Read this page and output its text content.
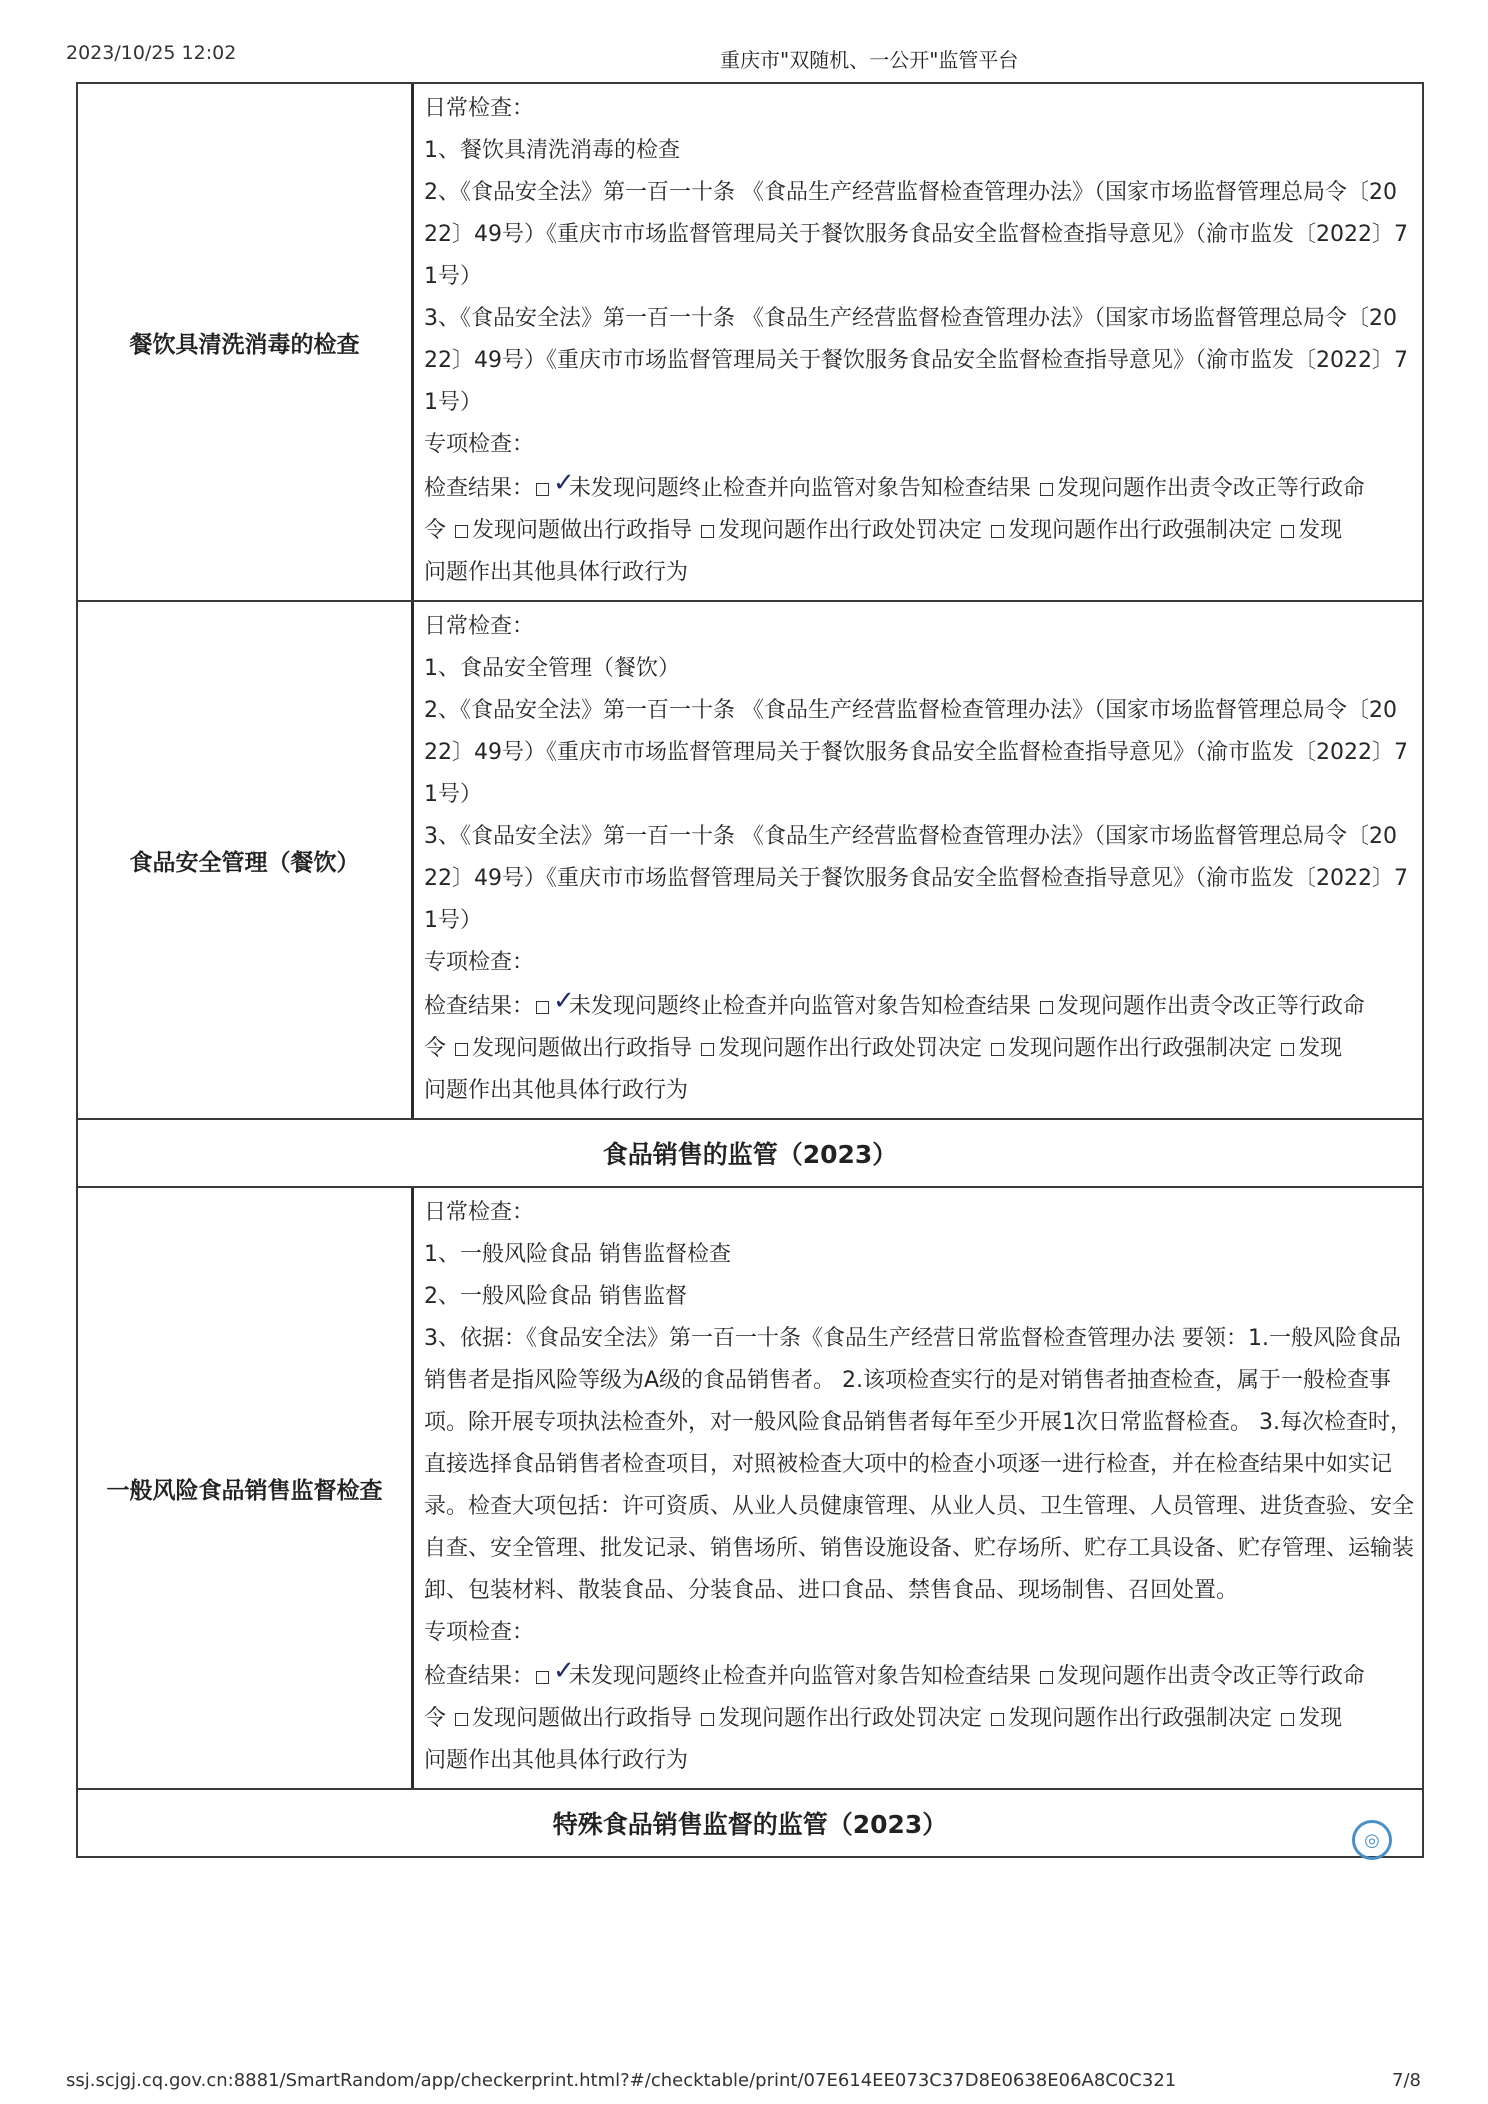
2023/10/25 12:02	重庆市"双随机、一公开"监管平台
餐饮具清洗消毒的检查
日常检查：
1、餐饮具清洗消毒的检查
2、《食品安全法》第一百一十条 《食品生产经营监督检查管理办法》（国家市场监督管理总局令〔20
22〕49号）《重庆市市场监督管理局关于餐饮服务食品安全监督检查指导意见》（渝市监发〔2022〕7
1号）
3、《食品安全法》第一百一十条 《食品生产经营监督检查管理办法》（国家市场监督管理总局令〔20
22〕49号）《重庆市市场监督管理局关于餐饮服务食品安全监督检查指导意见》（渝市监发〔2022〕7
1号）
专项检查：
检查结果： ✓未发现问题终止检查并向监管对象告知检查结果 发现问题作出责令改正等行政命
令 发现问题做出行政指导 发现问题作出行政处罚决定 发现问题作出行政强制决定 发现
问题作出其他具体行政行为
食品安全管理（餐饮）
日常检查：
1、食品安全管理（餐饮）
2、《食品安全法》第一百一十条 《食品生产经营监督检查管理办法》（国家市场监督管理总局令〔20
22〕49号）《重庆市市场监督管理局关于餐饮服务食品安全监督检查指导意见》（渝市监发〔2022〕7
1号）
3、《食品安全法》第一百一十条 《食品生产经营监督检查管理办法》（国家市场监督管理总局令〔20
22〕49号）《重庆市市场监督管理局关于餐饮服务食品安全监督检查指导意见》（渝市监发〔2022〕7
1号）
专项检查：
检查结果： ✓未发现问题终止检查并向监管对象告知检查结果 发现问题作出责令改正等行政命
令 发现问题做出行政指导 发现问题作出行政处罚决定 发现问题作出行政强制决定 发现
问题作出其他具体行政行为
食品销售的监管（2023）
一般风险食品销售监督检查
日常检查：
1、一般风险食品 销售监督检查
2、一般风险食品 销售监督
3、依据：《食品安全法》第一百一十条《食品生产经营日常监督检查管理办法 要领：1.一般风险食品
销售者是指风险等级为A级的食品销售者。 2.该项检查实行的是对销售者抽查检查，属于一般检查事
项。除开展专项执法检查外，对一般风险食品销售者每年至少开展1次日常监督检查。 3.每次检查时，
直接选择食品销售者检查项目，对照被检查大项中的检查小项逐一进行检查，并在检查结果中如实记
录。检查大项包括：许可资质、从业人员健康管理、从业人员、卫生管理、人员管理、进货查验、安全
自查、安全管理、批发记录、销售场所、销售设施设备、贮存场所、贮存工具设备、贮存管理、运输装
卸、包装材料、散装食品、分装食品、进口食品、禁售食品、现场制售、召回处置。
专项检查：
检查结果： ✓未发现问题终止检查并向监管对象告知检查结果 发现问题作出责令改正等行政命
令 发现问题做出行政指导 发现问题作出行政处罚决定 发现问题作出行政强制决定 发现
问题作出其他具体行政行为
特殊食品销售监督的监管（2023）
◎
ssj.scjgj.cq.gov.cn:8881/SmartRandom/app/checkerprint.html?#/checktable/print/07E614EE073C37D8E0638E06A8C0C321	7/8
